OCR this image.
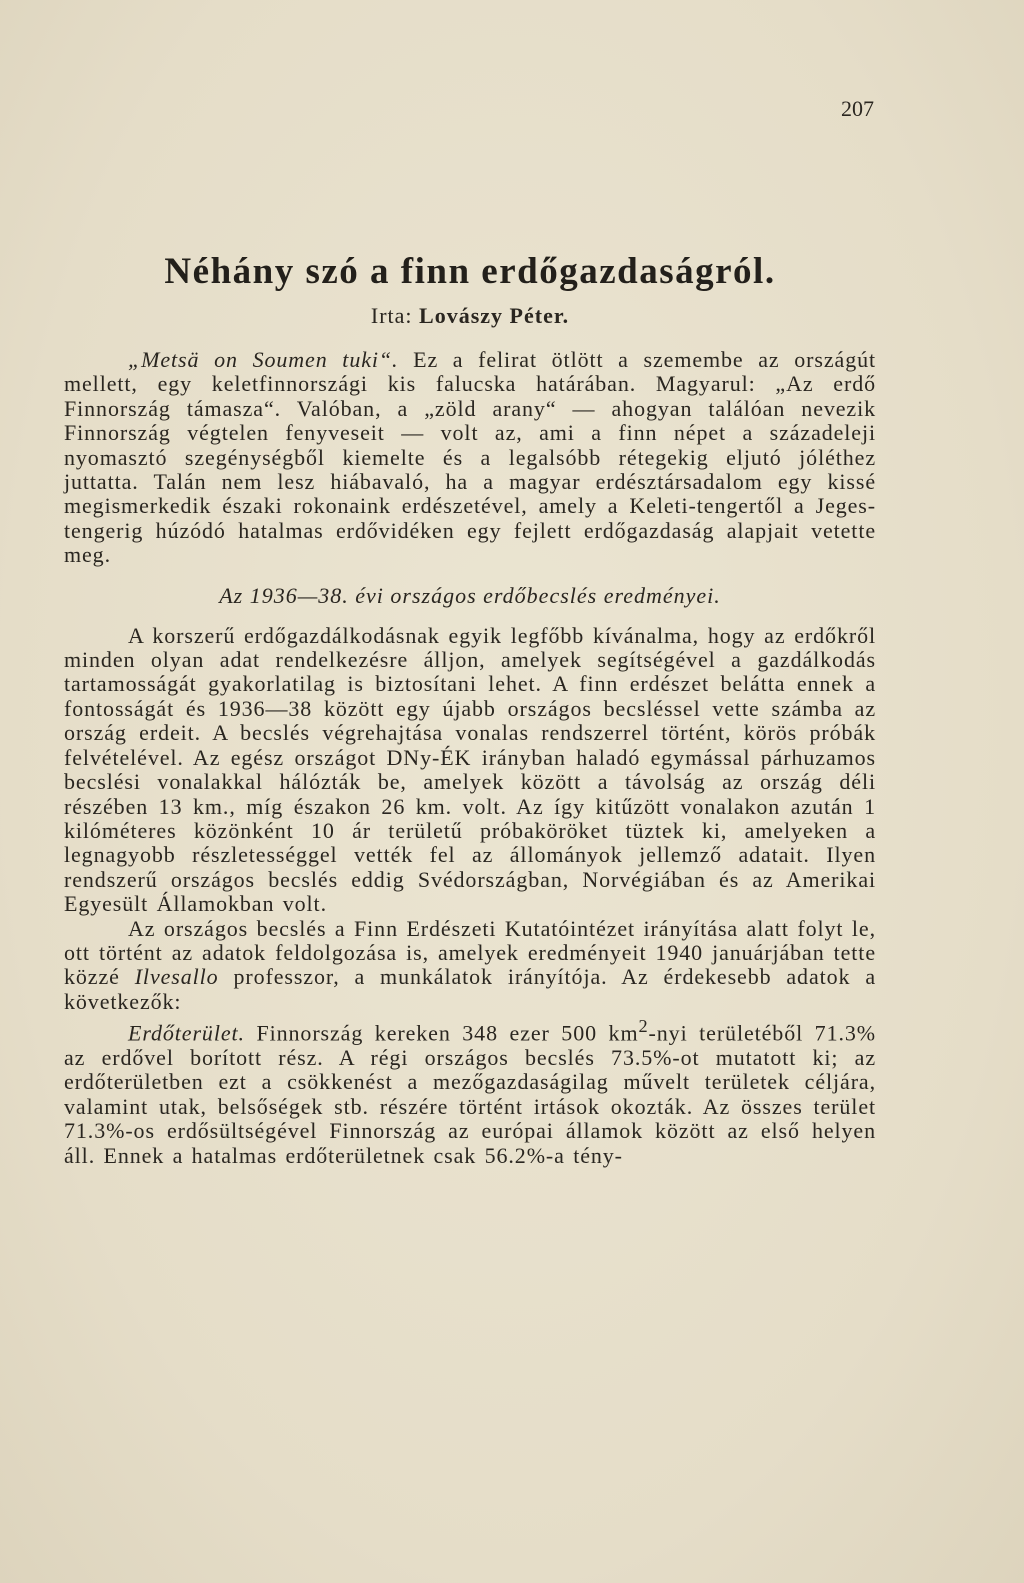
207
Néhány szó a finn erdőgazdaságról.
Irta: Lovászy Péter.

„Metsä on Soumen tuki“. Ez a felirat ötlött a szemembe az országút mellett, egy keletfinnországi kis falucska határában. Magyarul: „Az erdő Finnország támasza“. Valóban, a „zöld arany“ — ahogyan találóan nevezik Finnország végtelen fenyveseit — volt az, ami a finn népet a századeleji nyomasztó szegénységből kiemelte és a legalsóbb rétegekig eljutó jóléthez juttatta. Talán nem lesz hiábavaló, ha a magyar erdésztársadalom egy kissé megismerkedik északi rokonaink erdészetével, amely a Keleti-tengertől a Jeges-tengerig húzódó hatalmas erdővidéken egy fejlett erdőgazdaság alapjait vetette meg.

Az 1936—38. évi országos erdőbecslés eredményei.

A korszerű erdőgazdálkodásnak egyik legfőbb kívánalma, hogy az erdőkről minden olyan adat rendelkezésre álljon, amelyek segítségével a gazdálkodás tartamosságát gyakorlatilag is biztosítani lehet. A finn erdészet belátta ennek a fontosságát és 1936—38 között egy újabb országos becsléssel vette számba az ország erdeit. A becslés végrehajtása vonalas rendszerrel történt, körös próbák felvételével. Az egész országot DNy-ÉK irányban haladó egymással párhuzamos becslési vonalakkal hálózták be, amelyek között a távolság az ország déli részében 13 km., míg északon 26 km. volt. Az így kitűzött vonalakon azután 1 kilóméteres közönként 10 ár területű próbaköröket tüztek ki, amelyeken a legnagyobb részletességgel vették fel az állományok jellemző adatait. Ilyen rendszerű országos becslés eddig Svédországban, Norvégiában és az Amerikai Egyesült Államokban volt.

Az országos becslés a Finn Erdészeti Kutatóintézet irányítása alatt folyt le, ott történt az adatok feldolgozása is, amelyek eredményeit 1940 januárjában tette közzé Ilvesallo professzor, a munkálatok irányítója. Az érdekesebb adatok a következők:

Erdőterület. Finnország kereken 348 ezer 500 $km^2$-nyi területéből 71.3% az erdővel borított rész. A régi országos becslés 73.5%-ot mutatott ki; az erdőterületben ezt a csökkenést a mezőgazdaságilag művelt területek céljára, valamint utak, belsőségek stb. részére történt irtások okozták. Az összes terület 71.3%-os erdősültségével Finnország az európai államok között az első helyen áll. Ennek a hatalmas erdőterületnek csak 56.2%-a tény-
